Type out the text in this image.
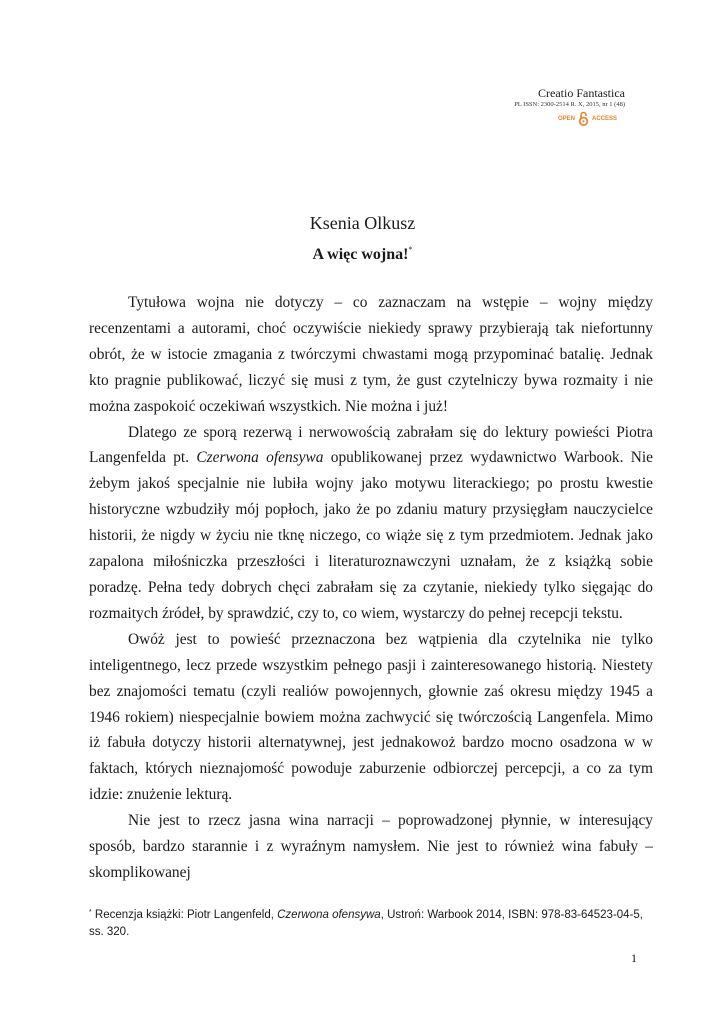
Creatio Fantastica
PL ISSN: 2300-2514 R. X, 2015, nr 1 (48)
OPEN	ACCESS
Ksenia Olkusz
A więc wojna!*

Tytułowa wojna nie dotyczy – co zaznaczam na wstępie – wojny między recenzentami a autorami, choć oczywiście niekiedy sprawy przybierają tak niefortunny obrót, że w istocie zmagania z twórczymi chwastami mogą przypominać batalię. Jednak kto pragnie publikować, liczyć się musi z tym, że gust czytelniczy bywa rozmaity i nie można zaspokoić oczekiwań wszystkich. Nie można i już!

Dlatego ze sporą rezerwą i nerwowością zabrałam się do lektury powieści Piotra Langenfelda pt. Czerwona ofensywa opublikowanej przez wydawnictwo Warbook. Nie żebym jakoś specjalnie nie lubiła wojny jako motywu literackiego; po prostu kwestie historyczne wzbudziły mój popłoch, jako że po zdaniu matury przysięgłam nauczycielce historii, że nigdy w życiu nie tknę niczego, co wiąże się z tym przedmiotem. Jednak jako zapalona miłośniczka przeszłości i literaturoznawczyni uznałam, że z książką sobie poradzę. Pełna tedy dobrych chęci zabrałam się za czytanie, niekiedy tylko sięgając do rozmaitych źródeł, by sprawdzić, czy to, co wiem, wystarczy do pełnej recepcji tekstu.

Owóż jest to powieść przeznaczona bez wątpienia dla czytelnika nie tylko inteligentnego, lecz przede wszystkim pełnego pasji i zainteresowanego historią. Niestety bez znajomości tematu (czyli realiów powojennych, głownie zaś okresu między 1945 a 1946 rokiem) niespecjalnie bowiem można zachwycić się twórczością Langenfela. Mimo iż fabuła dotyczy historii alternatywnej, jest jednakowoż bardzo mocno osadzona w w faktach, których nieznajomość powoduje zaburzenie odbiorczej percepcji, a co za tym idzie: znużenie lekturą.

Nie jest to rzecz jasna wina narracji – poprowadzonej płynnie, w interesujący sposób, bardzo starannie i z wyraźnym namysłem. Nie jest to również wina fabuły –skomplikowanej

* Recenzja książki: Piotr Langenfeld, Czerwona ofensywa, Ustroń: Warbook 2014, ISBN: 978-83-64523-04-5, ss. 320.
1
